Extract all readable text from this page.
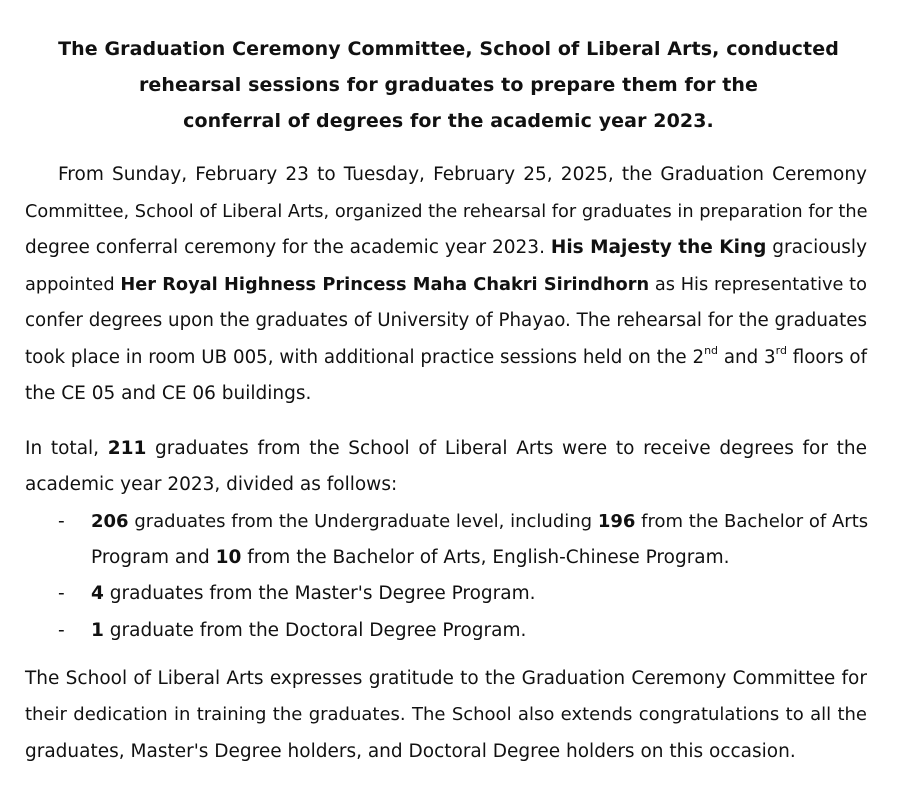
The Graduation Ceremony Committee, School of Liberal Arts, conducted
rehearsal sessions for graduates to prepare them for the
conferral of degrees for the academic year 2023.
From Sunday, February 23 to Tuesday, February 25, 2025, the Graduation Ceremony
Committee, School of Liberal Arts, organized the rehearsal for graduates in preparation for the
degree conferral ceremony for the academic year 2023. His Majesty the King graciously
appointed Her Royal Highness Princess Maha Chakri Sirindhorn as His representative to
confer degrees upon the graduates of University of Phayao. The rehearsal for the graduates
took place in room UB 005, with additional practice sessions held on the 2nd and 3rd floors of
the CE 05 and CE 06 buildings.
In total, 211 graduates from the School of Liberal Arts were to receive degrees for the
academic year 2023, divided as follows:
- 206 graduates from the Undergraduate level, including 196 from the Bachelor of Arts
Program and 10 from the Bachelor of Arts, English-Chinese Program.
- 4 graduates from the Master's Degree Program.
- 1 graduate from the Doctoral Degree Program.
The School of Liberal Arts expresses gratitude to the Graduation Ceremony Committee for
their dedication in training the graduates. The School also extends congratulations to all the
graduates, Master's Degree holders, and Doctoral Degree holders on this occasion.
